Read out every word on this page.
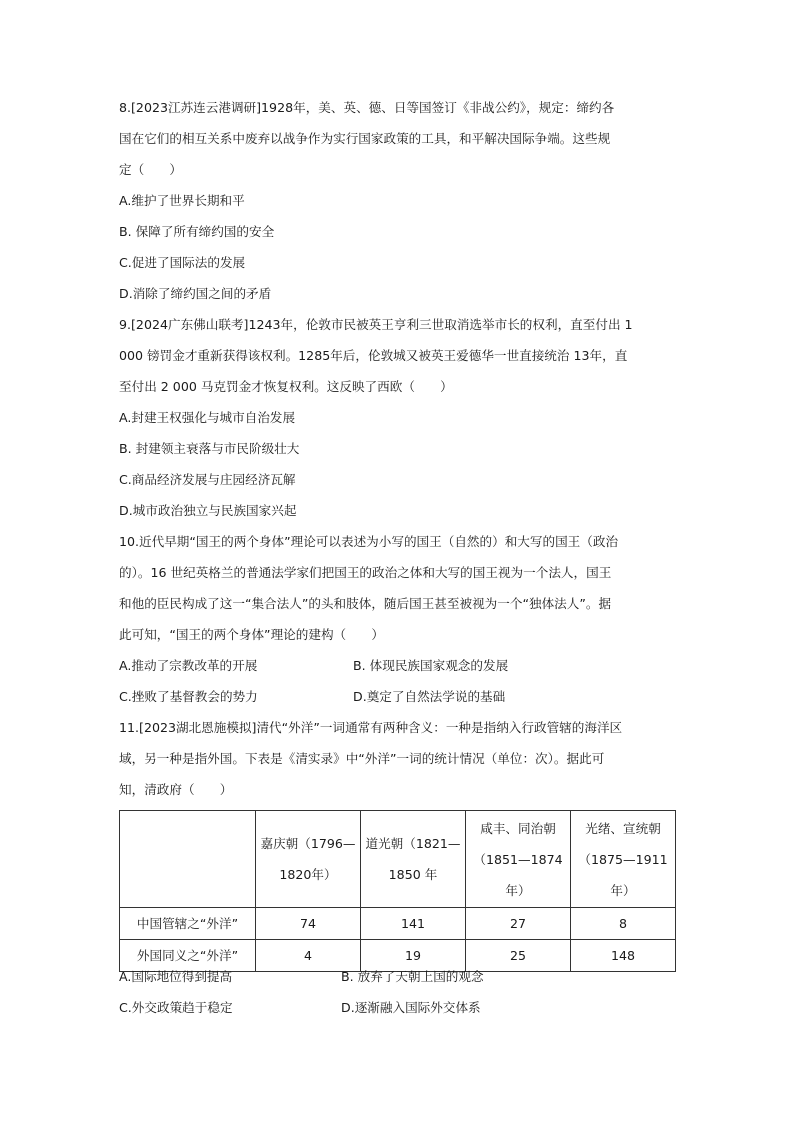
8.[2023江苏连云港调研]1928年，美、英、德、日等国签订《非战公约》，规定：缔约各
国在它们的相互关系中废弃以战争作为实行国家政策的工具，和平解决国际争端。这些规
定（　　）
A.维护了世界长期和平
B. 保障了所有缔约国的安全
C.促进了国际法的发展
D.消除了缔约国之间的矛盾
9.[2024广东佛山联考]1243年，伦敦市民被英王亨利三世取消选举市长的权利，直至付出 1
000 镑罚金才重新获得该权利。1285年后，伦敦城又被英王爱德华一世直接统治 13年，直
至付出 2 000 马克罚金才恢复权利。这反映了西欧（　　）
A.封建王权强化与城市自治发展
B. 封建领主衰落与市民阶级壮大
C.商品经济发展与庄园经济瓦解
D.城市政治独立与民族国家兴起
10.近代早期“国王的两个身体”理论可以表述为小写的国王（自然的）和大写的国王（政治
的）。16 世纪英格兰的普通法学家们把国王的政治之体和大写的国王视为一个法人，国王
和他的臣民构成了这一“集合法人”的头和肢体，随后国王甚至被视为一个“独体法人”。据
此可知，“国王的两个身体”理论的建构（　　）
A.推动了宗教改革的开展	B. 体现民族国家观念的发展
C.挫败了基督教会的势力	D.奠定了自然法学说的基础
11.[2023湖北恩施模拟]清代“外洋”一词通常有两种含义：一种是指纳入行政管辖的海洋区
域，另一种是指外国。下表是《清实录》中“外洋”一词的统计情况（单位：次）。据此可
知，清政府（　　）

	嘉庆朝（1796—
1820年）	道光朝（1821—
1850 年	咸丰、同治朝
（1851—1874
年）	光绪、宣统朝
（1875—1911
年）

中国管辖之“外洋”	74	141	27	8
外国同义之“外洋”	4	19	25	148
A.国际地位得到提高	B. 放弃了天朝上国的观念
C.外交政策趋于稳定	D.逐渐融入国际外交体系
